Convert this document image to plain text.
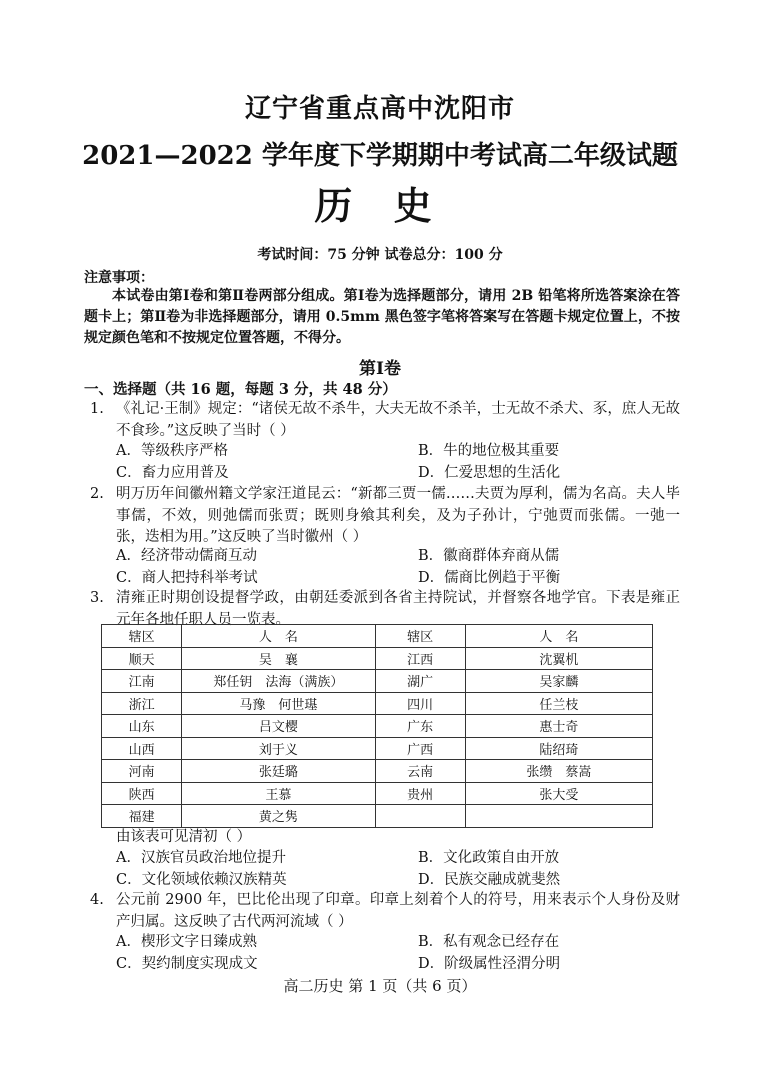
辽宁省重点高中沈阳市
2021—2022 学年度下学期期中考试高二年级试题
历 史
考试时间：75 分钟 试卷总分：100 分
注意事项：
本试卷由第Ⅰ卷和第Ⅱ卷两部分组成。第Ⅰ卷为选择题部分，请用 2B 铅笔将所选答案涂在答题卡上；第Ⅱ卷为非选择题部分，请用 0.5mm 黑色签字笔将答案写在答题卡规定位置上，不按规定颜色笔和不按规定位置答题，不得分。
第Ⅰ卷
一、选择题（共 16 题，每题 3 分，共 48 分）
1. 《礼记·王制》规定：“诸侯无故不杀牛，大夫无故不杀羊，士无故不杀犬、豕，庶人无故不食珍。”这反映了当时（ ）
A．等级秩序严格	B．牛的地位极其重要
C．畜力应用普及	D．仁爱思想的生活化
2. 明万历年间徽州籍文学家汪道昆云：“新都三贾一儒……夫贾为厚利，儒为名高。夫人毕事儒，不效，则弛儒而张贾；既则身飨其利矣，及为子孙计，宁弛贾而张儒。一弛一张，迭相为用。”这反映了当时徽州（ ）
A．经济带动儒商互动	B．徽商群体弃商从儒
C．商人把持科举考试	D．儒商比例趋于平衡
3. 清雍正时期创设提督学政，由朝廷委派到各省主持院试，并督察各地学官。下表是雍正元年各地任职人员一览表。
辖区	人　名	辖区	人　名
顺天	吴　襄	江西	沈翼机
江南	郑任钥　法海（满族）	湖广	吴家麟
浙江	马豫　何世璂	四川	任兰枝
山东	吕文樱	广东	惠士奇
山西	刘于义	广西	陆绍琦
河南	张廷璐	云南	张缵　蔡嵩
陕西	王慕	贵州	张大受
福建	黄之隽		
由该表可见清初（ ）
A．汉族官员政治地位提升	B．文化政策自由开放
C．文化领域依赖汉族精英	D．民族交融成就斐然
4. 公元前 2900 年，巴比伦出现了印章。印章上刻着个人的符号，用来表示个人身份及财产归属。这反映了古代两河流域（ ）
A．楔形文字日臻成熟	B．私有观念已经存在
C．契约制度实现成文	D．阶级属性泾渭分明
高二历史 第 1 页（共 6 页）
